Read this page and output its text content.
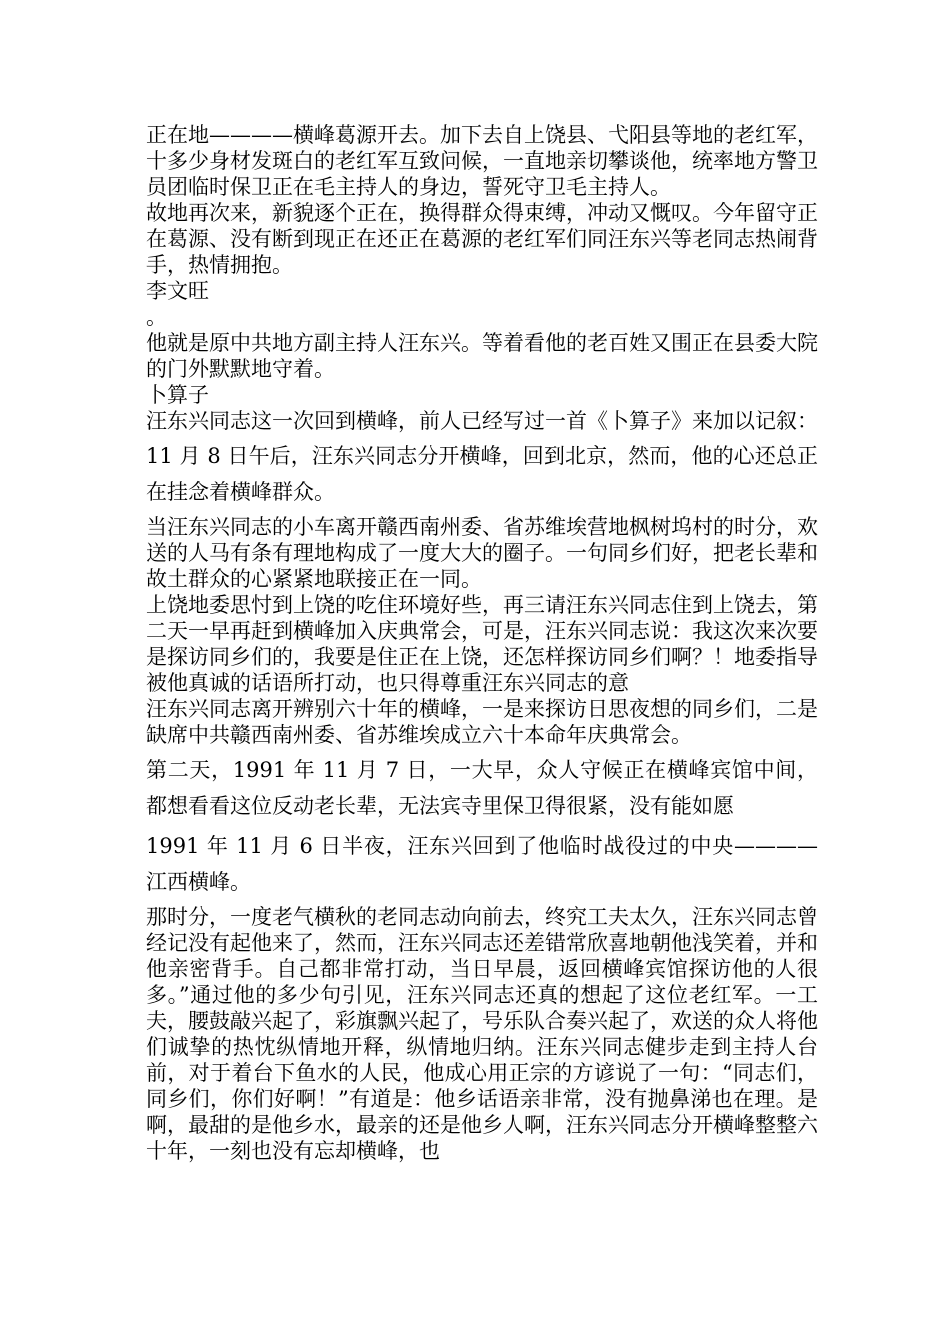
正在地————横峰葛源开去。加下去自上饶县、弋阳县等地的老红军，十多少身材发斑白的老红军互致问候，一直地亲切攀谈他，统率地方警卫员团临时保卫正在毛主持人的身边，誓死守卫毛主持人。

故地再次来，新貌逐个正在，换得群众得束缚，冲动又慨叹。今年留守正在葛源、没有断到现正在还正在葛源的老红军们同汪东兴等老同志热闹背手，热情拥抱。

李文旺

。

他就是原中共地方副主持人汪东兴。等着看他的老百姓又围正在县委大院的门外默默地守着。

卜算子

汪东兴同志这一次回到横峰，前人已经写过一首《卜算子》来加以记叙：

11 月 8 日午后，汪东兴同志分开横峰，回到北京，然而，他的心还总正在挂念着横峰群众。

当汪东兴同志的小车离开赣西南州委、省苏维埃营地枫树坞村的时分，欢送的人马有条有理地构成了一度大大的圈子。一句同乡们好，把老长辈和故土群众的心紧紧地联接正在一同。

上饶地委思忖到上饶的吃住环境好些，再三请汪东兴同志住到上饶去，第二天一早再赶到横峰加入庆典常会，可是，汪东兴同志说：我这次来次要是探访同乡们的，我要是住正在上饶，还怎样探访同乡们啊？！地委指导被他真诚的话语所打动，也只得尊重汪东兴同志的意

汪东兴同志离开辨别六十年的横峰，一是来探访日思夜想的同乡们，二是缺席中共赣西南州委、省苏维埃成立六十本命年庆典常会。

第二天，1991 年 11 月 7 日，一大早，众人守候正在横峰宾馆中间，都想看看这位反动老长辈，无法宾寺里保卫得很紧，没有能如愿

1991 年 11 月 6 日半夜，汪东兴回到了他临时战役过的中央————江西横峰。

那时分，一度老气横秋的老同志动向前去，终究工夫太久，汪东兴同志曾经记没有起他来了，然而，汪东兴同志还差错常欣喜地朝他浅笑着，并和他亲密背手。自己都非常打动，当日早晨，返回横峰宾馆探访他的人很多。”通过他的多少句引见，汪东兴同志还真的想起了这位老红军。一工夫，腰鼓敲兴起了，彩旗飘兴起了，号乐队合奏兴起了，欢送的众人将他们诚挚的热忱纵情地开释，纵情地归纳。汪东兴同志健步走到主持人台前，对于着台下鱼水的人民，他成心用正宗的方谚说了一句：“同志们，同乡们，你们好啊！”有道是：他乡话语亲非常，没有抛鼻涕也在理。是啊，最甜的是他乡水，最亲的还是他乡人啊，汪东兴同志分开横峰整整六十年，一刻也没有忘却横峰，也
